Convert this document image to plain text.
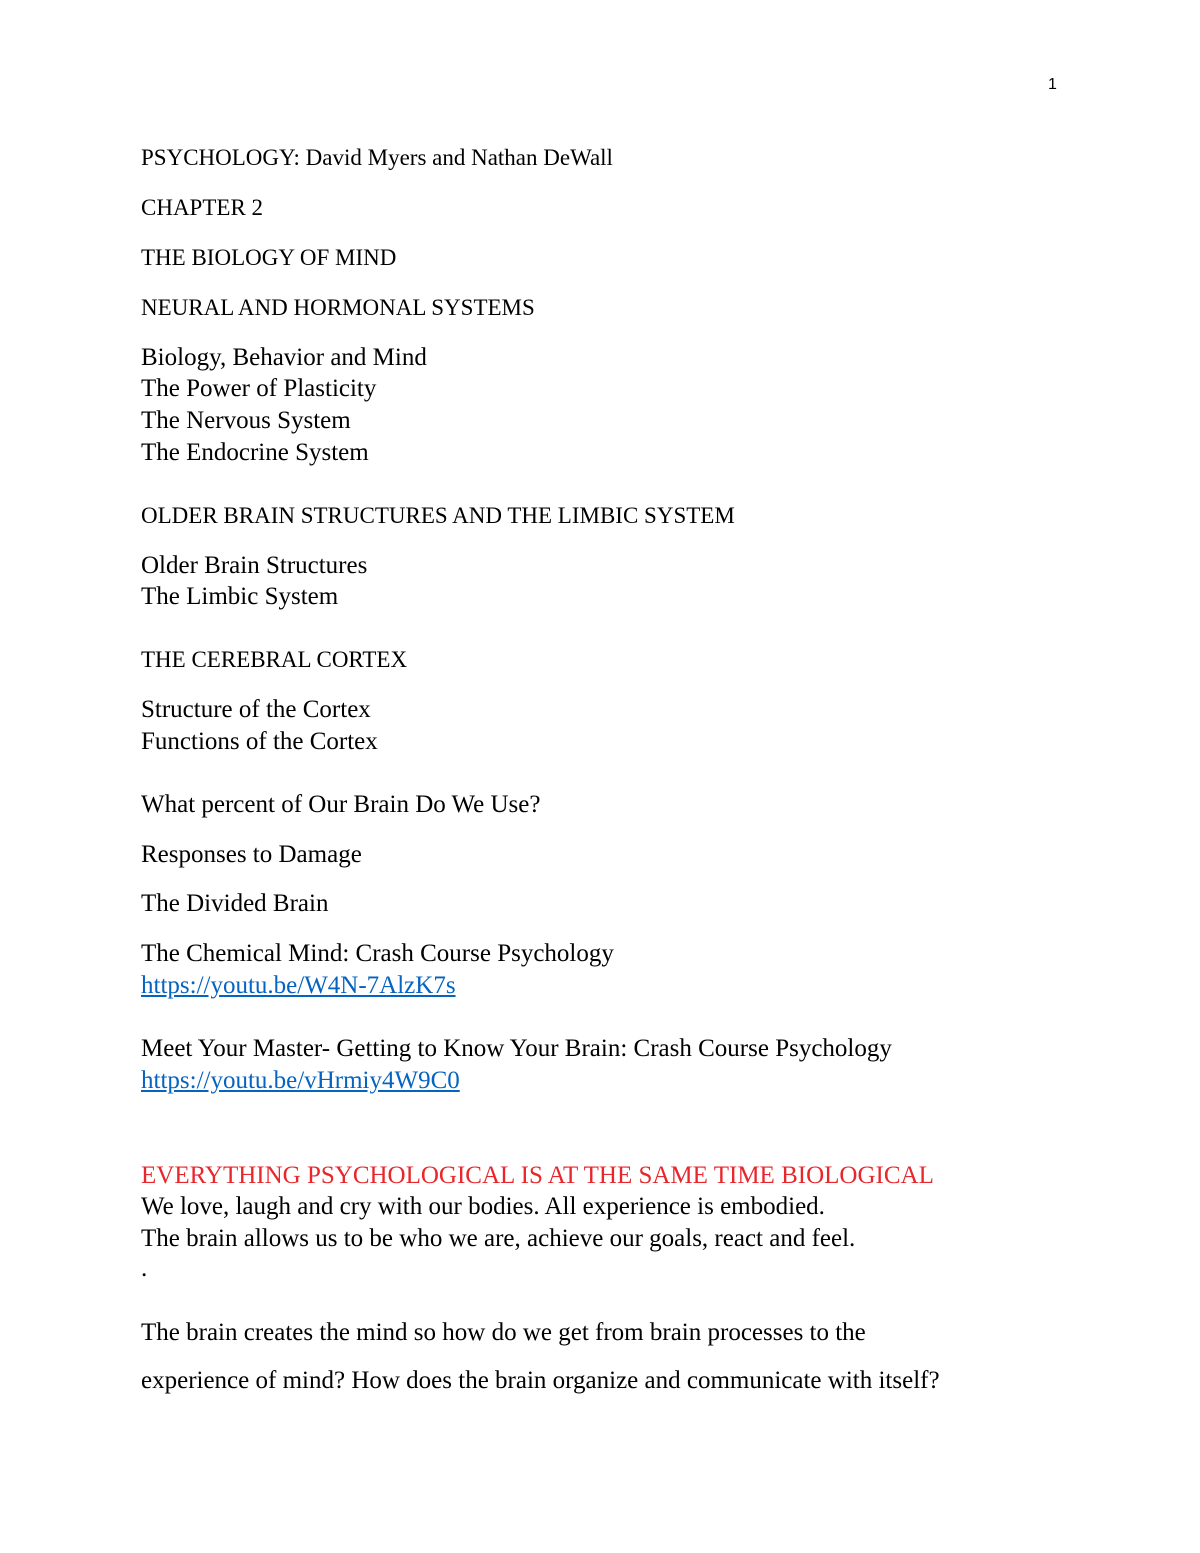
1
PSYCHOLOGY: David Myers and Nathan DeWall
CHAPTER 2
THE BIOLOGY OF MIND
NEURAL AND HORMONAL SYSTEMS
Biology, Behavior and Mind
The Power of Plasticity
The Nervous System
The Endocrine System
OLDER BRAIN STRUCTURES AND THE LIMBIC SYSTEM
Older Brain Structures
The Limbic System
THE CEREBRAL CORTEX
Structure of the Cortex
Functions of the Cortex
What percent of Our Brain Do We Use?
Responses to Damage
The Divided Brain
The Chemical Mind: Crash Course Psychology
https://youtu.be/W4N-7AlzK7s
Meet Your Master- Getting to Know Your Brain: Crash Course Psychology
https://youtu.be/vHrmiy4W9C0
EVERYTHING PSYCHOLOGICAL IS AT THE SAME TIME BIOLOGICAL
We love, laugh and cry with our bodies. All experience is embodied.
The brain allows us to be who we are, achieve our goals, react and feel.
.
The brain creates the mind so how do we get from brain processes to the
experience of mind? How does the brain organize and communicate with itself?
